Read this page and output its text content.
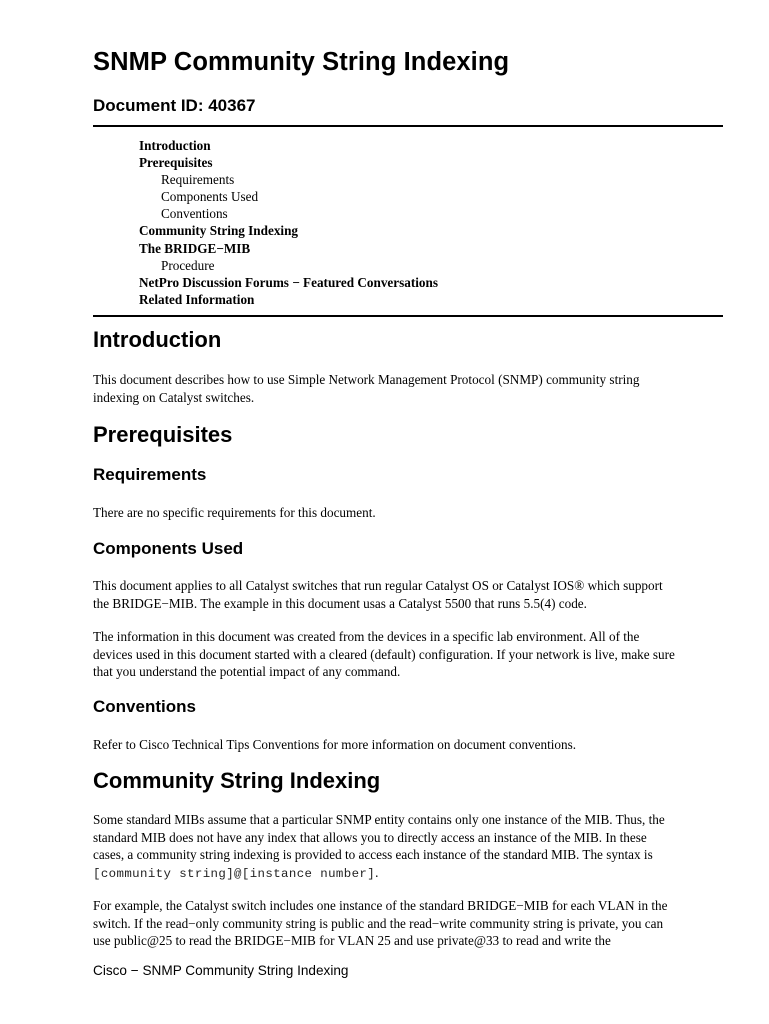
SNMP Community String Indexing
Document ID: 40367
Introduction
Prerequisites
Requirements
Components Used
Conventions
Community String Indexing
The BRIDGE−MIB
Procedure
NetPro Discussion Forums − Featured Conversations
Related Information
Introduction

This document describes how to use Simple Network Management Protocol (SNMP) community string
indexing on Catalyst switches.

Prerequisites
Requirements

There are no specific requirements for this document.

Components Used

This document applies to all Catalyst switches that run regular Catalyst OS or Catalyst IOS® which support
the BRIDGE−MIB. The example in this document usas a Catalyst 5500 that runs 5.5(4) code.

The information in this document was created from the devices in a specific lab environment. All of the
devices used in this document started with a cleared (default) configuration. If your network is live, make sure
that you understand the potential impact of any command.

Conventions

Refer to Cisco Technical Tips Conventions for more information on document conventions.

Community String Indexing

Some standard MIBs assume that a particular SNMP entity contains only one instance of the MIB. Thus, the
standard MIB does not have any index that allows you to directly access an instance of the MIB. In these
cases, a community string indexing is provided to access each instance of the standard MIB. The syntax is
[community string]@[instance number].

For example, the Catalyst switch includes one instance of the standard BRIDGE−MIB for each VLAN in the
switch. If the read−only community string is public and the read−write community string is private, you can
use public@25 to read the BRIDGE−MIB for VLAN 25 and use private@33 to read and write the

Cisco − SNMP Community String Indexing
